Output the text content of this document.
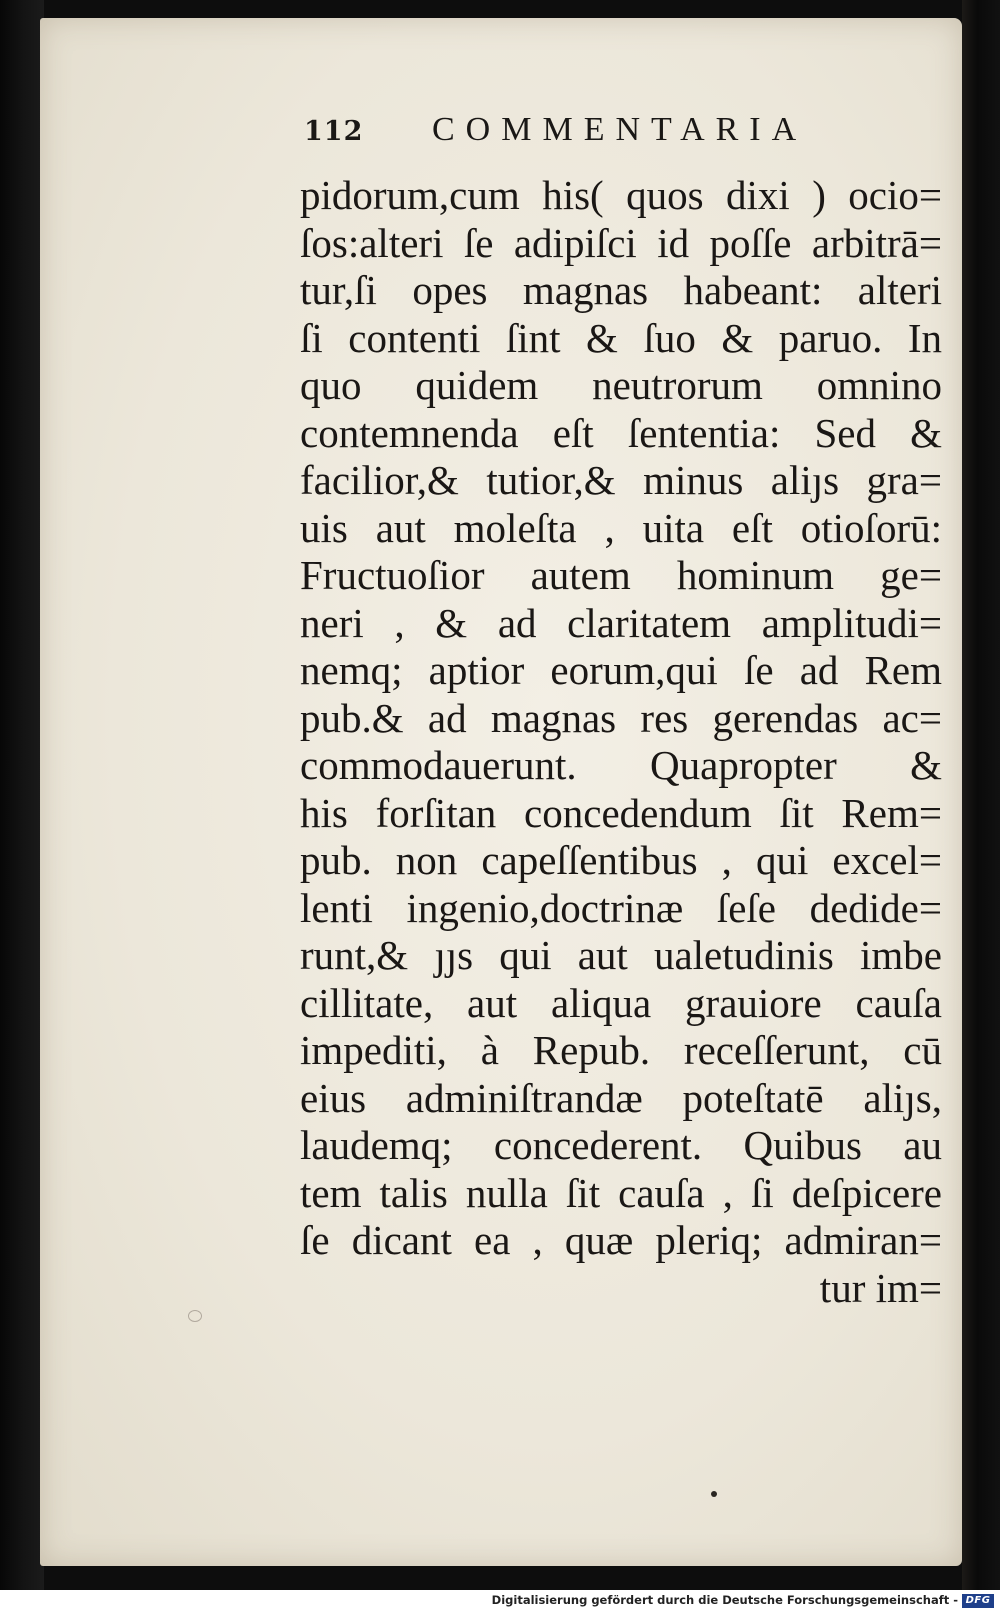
112 COMMENTARIA
pidorum,cum his( quos dixi ) ocio=
ſos:alteri ſe adipiſci id poſſe arbitrā=
tur,ſi opes magnas habeant: alteri
ſi contenti ſint & ſuo & paruo. In
quo quidem neutrorum omnino
contemnenda eſt ſententia: Sed &
facilior,& tutior,& minus aliȷs gra=
uis aut moleſta , uita eſt otioſorū:
Fructuoſior autem hominum ge=
neri , & ad claritatem amplitudi=
nemq; aptior eorum,qui ſe ad Rem
pub.& ad magnas res gerendas ac=
commodauerunt. Quapropter &
his forſitan concedendum ſit Rem=
pub. non capeſſentibus , qui excel=
lenti ingenio,doctrinæ ſeſe dedide=
runt,& ȷȷs qui aut ualetudinis imbe
cillitate, aut aliqua grauiore cauſa
impediti, à Repub. receſſerunt, cū
eius adminiſtrandæ poteſtatē aliȷs,
laudemq; concederent. Quibus au
tem talis nulla ſit cauſa , ſi deſpicere
ſe dicant ea , quæ pleriq; admiran=
tur im=
Digitalisierung gefördert durch die Deutsche Forschungsgemeinschaft - DFG
